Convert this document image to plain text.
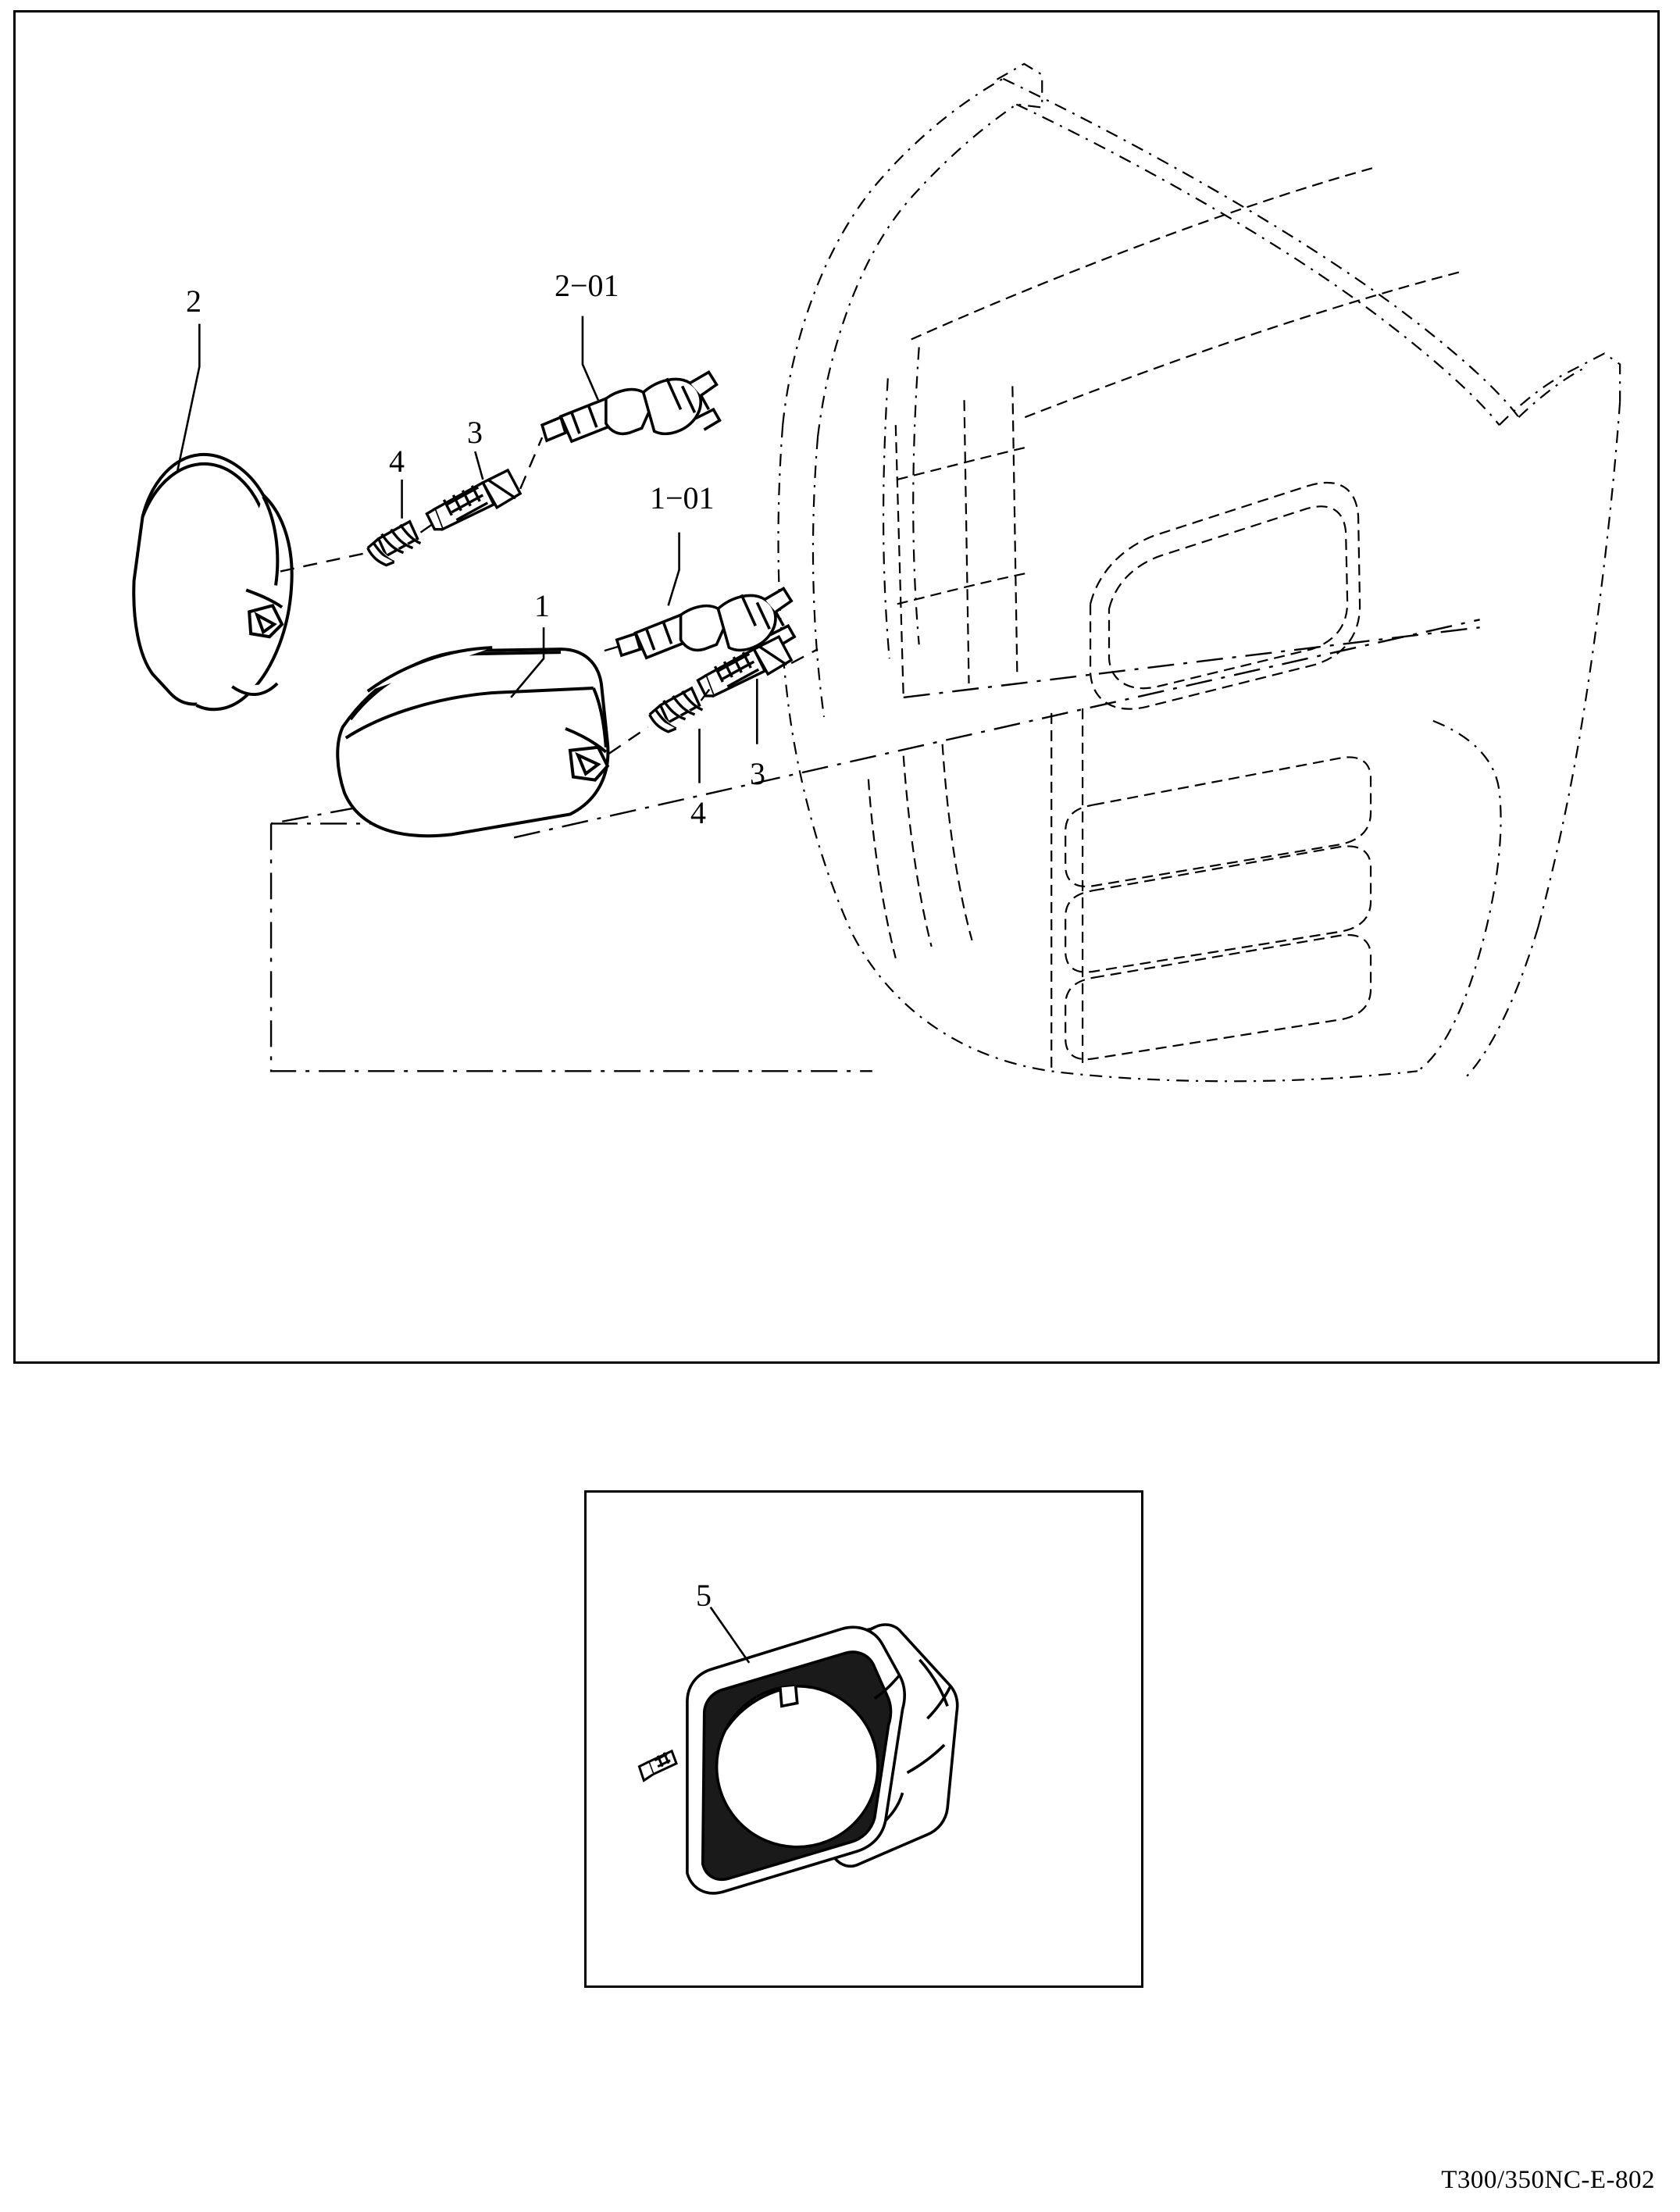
2	2−01
4
3
1−01
1
3
4
5
T300/350NC-E-802
